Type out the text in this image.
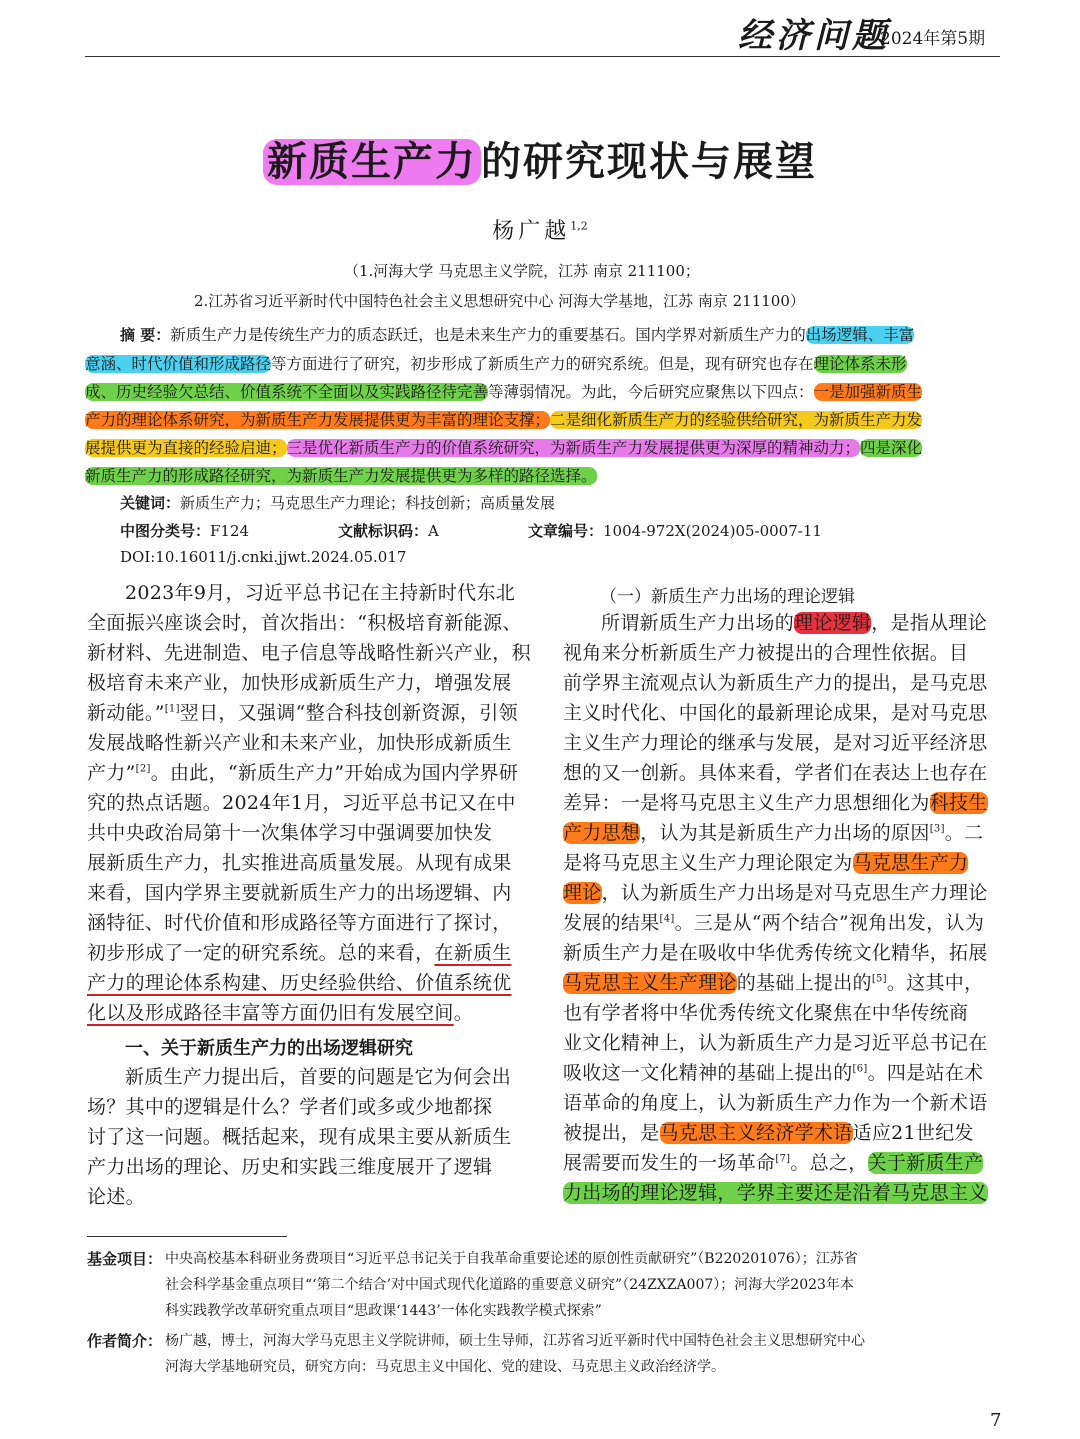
经济问题
2024年第5期
新质生产力 的研究现状与展望
杨广越$^{1,2}$
（1.河海大学 马克思主义学院，江苏 南京 211100；
2.江苏省习近平新时代中国特色社会主义思想研究中心 河海大学基地，江苏 南京 211100）
摘 要：新质生产力是传统生产力的质态跃迁，也是未来生产力的重要基石。国内学界对新质生产力的出场逻辑、丰富
意涵、时代价值和形成路径等方面进行了研究，初步形成了新质生产力的研究系统。但是，现有研究也存在理论体系未形
成、历史经验欠总结、价值系统不全面以及实践路径待完善等薄弱情况。为此，今后研究应聚焦以下四点：一是加强新质生
产力的理论体系研究，为新质生产力发展提供更为丰富的理论支撑；二是细化新质生产力的经验供给研究，为新质生产力发
展提供更为直接的经验启迪；三是优化新质生产力的价值系统研究，为新质生产力发展提供更为深厚的精神动力；四是深化
新质生产力的形成路径研究，为新质生产力发展提供更为多样的路径选择。
关键词：新质生产力；马克思生产力理论；科技创新；高质量发展
中图分类号：F124	文献标识码：A	文章编号：1004-972X(2024)05-0007-11
DOI:10.16011/j.cnki.jjwt.2024.05.017
2023年9月，习近平总书记在主持新时代东北
全面振兴座谈会时，首次指出：“积极培育新能源、
新材料、先进制造、电子信息等战略性新兴产业，积
极培育未来产业，加快形成新质生产力，增强发展
新动能。”[1]翌日，又强调“整合科技创新资源，引领
发展战略性新兴产业和未来产业，加快形成新质生
产力”[2]。由此，“新质生产力”开始成为国内学界研
究的热点话题。2024年1月，习近平总书记又在中
共中央政治局第十一次集体学习中强调要加快发
展新质生产力，扎实推进高质量发展。从现有成果
来看，国内学界主要就新质生产力的出场逻辑、内
涵特征、时代价值和形成路径等方面进行了探讨，
初步形成了一定的研究系统。总的来看，在新质生
产力的理论体系构建、历史经验供给、价值系统优
化以及形成路径丰富等方面仍旧有发展空间。
一、关于新质生产力的出场逻辑研究
新质生产力提出后，首要的问题是它为何会出
场？其中的逻辑是什么？学者们或多或少地都探
讨了这一问题。概括起来，现有成果主要从新质生
产力出场的理论、历史和实践三维度展开了逻辑
论述。
（一）新质生产力出场的理论逻辑
所谓新质生产力出场的理论逻辑，是指从理论
视角来分析新质生产力被提出的合理性依据。目
前学界主流观点认为新质生产力的提出，是马克思
主义时代化、中国化的最新理论成果，是对马克思
主义生产力理论的继承与发展，是对习近平经济思
想的又一创新。具体来看，学者们在表达上也存在
差异：一是将马克思主义生产力思想细化为科技生
产力思想，认为其是新质生产力出场的原因[3]。二
是将马克思主义生产力理论限定为马克思生产力
理论，认为新质生产力出场是对马克思生产力理论
发展的结果[4]。三是从“两个结合”视角出发，认为
新质生产力是在吸收中华优秀传统文化精华，拓展
马克思主义生产理论的基础上提出的[5]。这其中，
也有学者将中华优秀传统文化聚焦在中华传统商
业文化精神上，认为新质生产力是习近平总书记在
吸收这一文化精神的基础上提出的[6]。四是站在术
语革命的角度上，认为新质生产力作为一个新术语
被提出，是马克思主义经济学术语适应21世纪发
展需要而发生的一场革命[7]。总之，关于新质生产
力出场的理论逻辑，学界主要还是沿着马克思主义
基金项目： 中央高校基本科研业务费项目“习近平总书记关于自我革命重要论述的原创性贡献研究”（B220201076）；江苏省
社会科学基金重点项目“‘第二个结合’对中国式现代化道路的重要意义研究”（24ZXZA007）；河海大学2023年本
科实践教学改革研究重点项目“思政课‘1443’一体化实践教学模式探索”
作者简介： 杨广越，博士，河海大学马克思主义学院讲师，硕士生导师，江苏省习近平新时代中国特色社会主义思想研究中心
河海大学基地研究员，研究方向：马克思主义中国化、党的建设、马克思主义政治经济学。
7
